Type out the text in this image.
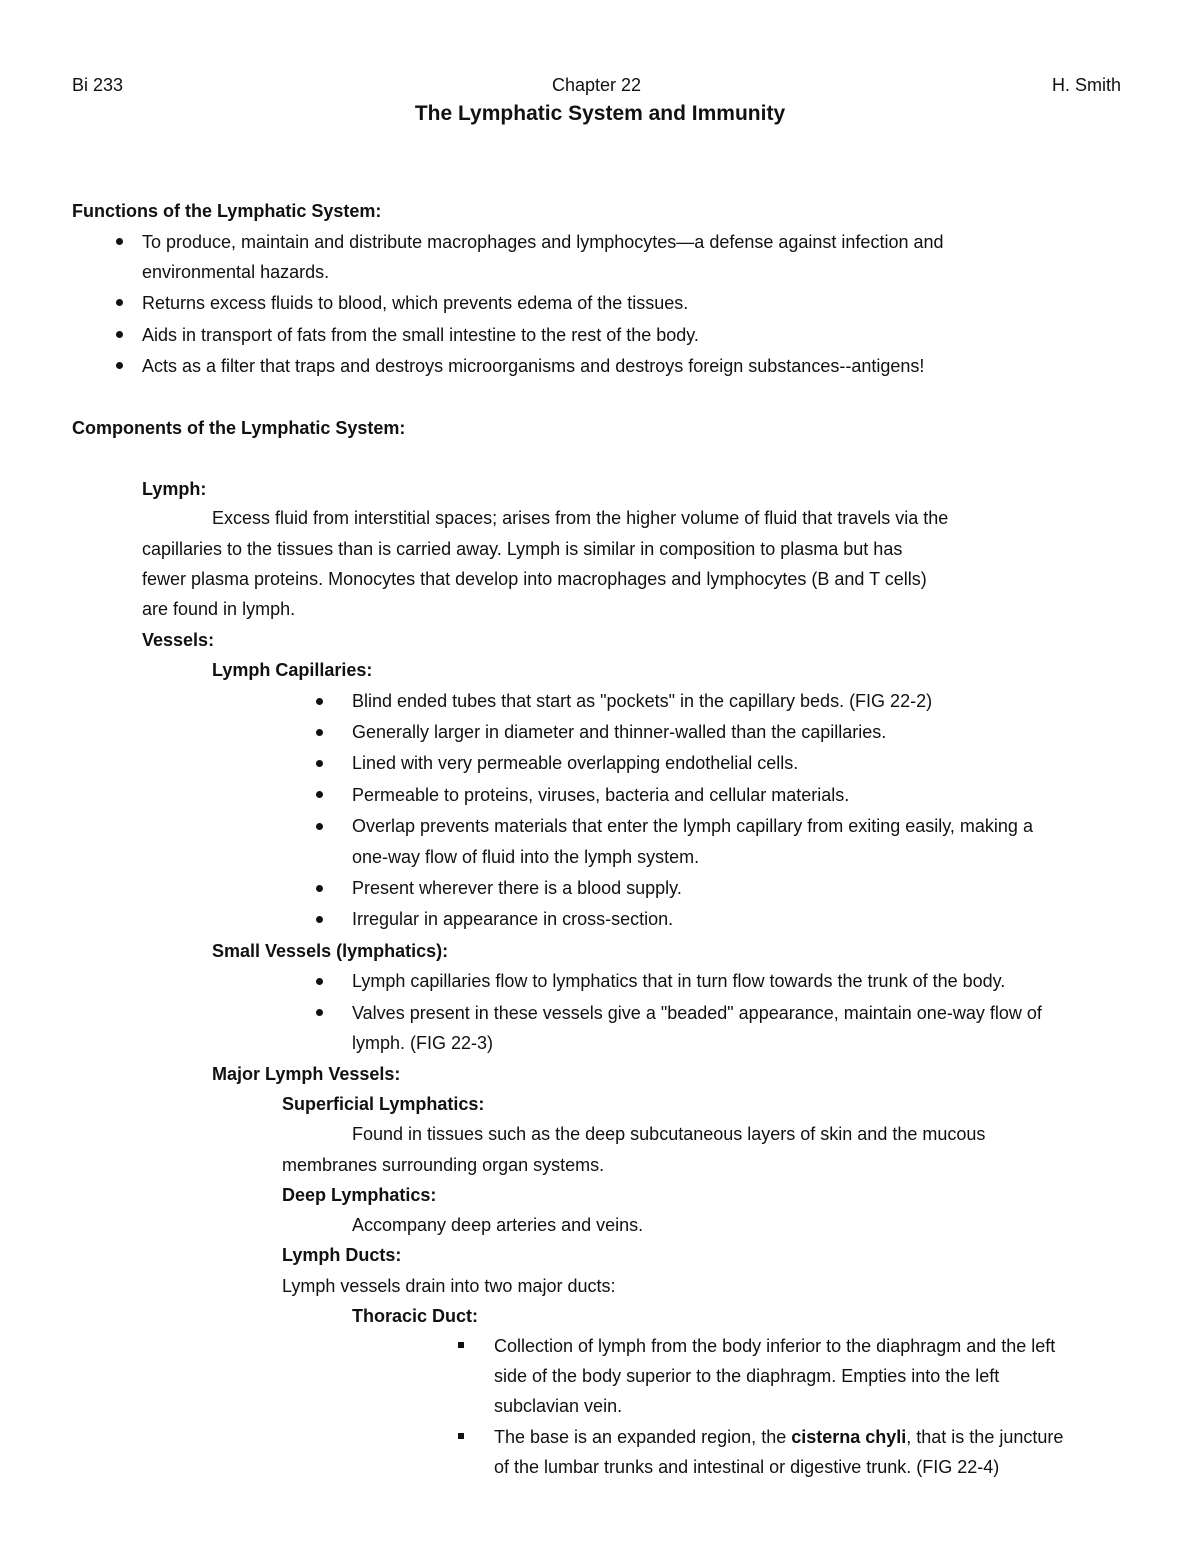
Bi 233	Chapter 22	H. Smith
The Lymphatic System and Immunity
Functions of the Lymphatic System:
To produce, maintain and distribute macrophages and lymphocytes—a defense against infection and
environmental hazards.
Returns excess fluids to blood, which prevents edema of the tissues.
Aids in transport of fats from the small intestine to the rest of the body.
Acts as a filter that traps and destroys microorganisms and destroys foreign substances--antigens!
Components of the Lymphatic System:
Lymph:
Excess fluid from interstitial spaces; arises from the higher volume of fluid that travels via the
capillaries to the tissues than is carried away. Lymph is similar in composition to plasma but has
fewer plasma proteins. Monocytes that develop into macrophages and lymphocytes (B and T cells)
are found in lymph.
Vessels:
Lymph Capillaries:
Blind ended tubes that start as "pockets" in the capillary beds. (FIG 22-2)
Generally larger in diameter and thinner-walled than the capillaries.
Lined with very permeable overlapping endothelial cells.
Permeable to proteins, viruses, bacteria and cellular materials.
Overlap prevents materials that enter the lymph capillary from exiting easily, making a
one-way flow of fluid into the lymph system.
Present wherever there is a blood supply.
Irregular in appearance in cross-section.
Small Vessels (lymphatics):
Lymph capillaries flow to lymphatics that in turn flow towards the trunk of the body.
Valves present in these vessels give a "beaded" appearance, maintain one-way flow of
lymph. (FIG 22-3)
Major Lymph Vessels:
Superficial Lymphatics:
Found in tissues such as the deep subcutaneous layers of skin and the mucous
membranes surrounding organ systems.
Deep Lymphatics:
Accompany deep arteries and veins.
Lymph Ducts:
Lymph vessels drain into two major ducts:
Thoracic Duct:
Collection of lymph from the body inferior to the diaphragm and the left
side of the body superior to the diaphragm. Empties into the left
subclavian vein.
The base is an expanded region, the cisterna chyli, that is the juncture
of the lumbar trunks and intestinal or digestive trunk. (FIG 22-4)
